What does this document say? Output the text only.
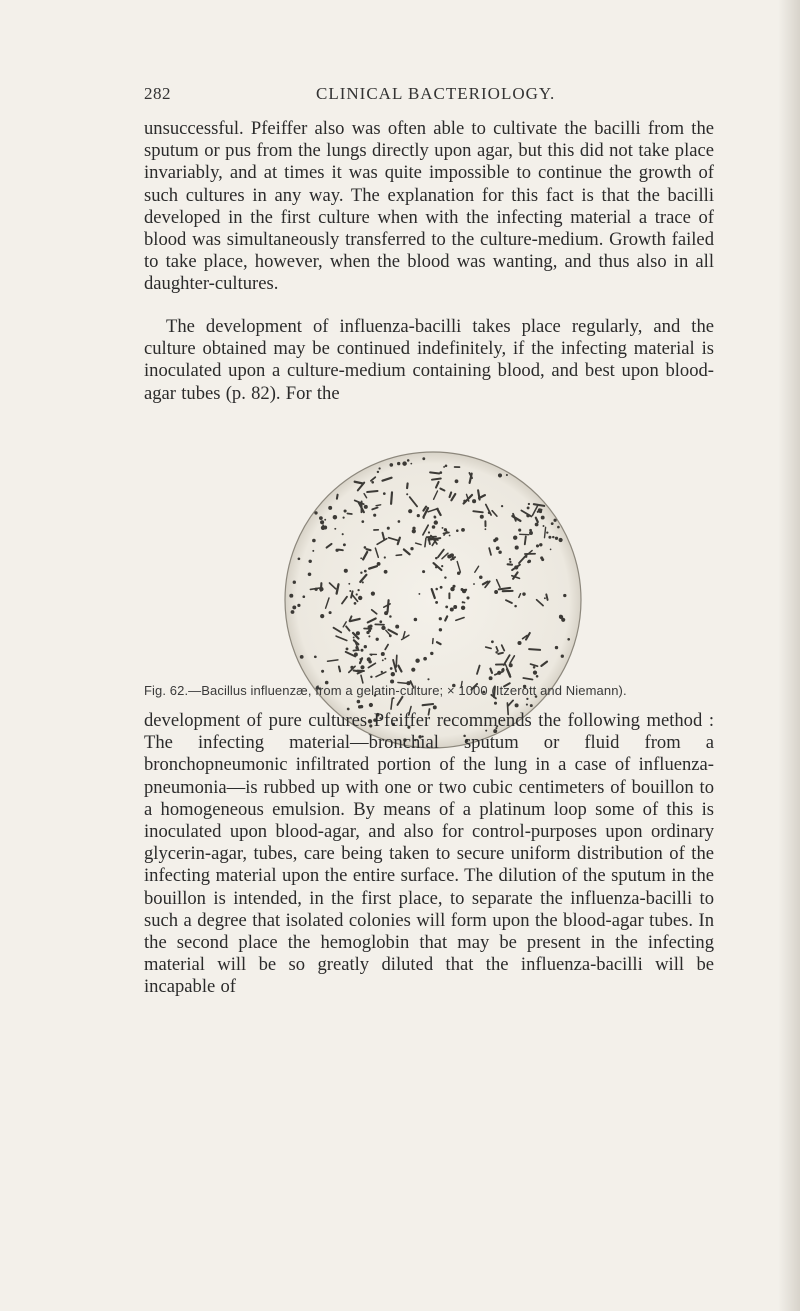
282	CLINICAL BACTERIOLOGY.

unsuccessful. Pfeiffer also was often able to cultivate the bacilli from the sputum or pus from the lungs directly upon agar, but this did not take place invariably, and at times it was quite impossible to continue the growth of such cultures in any way. The explanation for this fact is that the bacilli developed in the first culture when with the infecting material a trace of blood was simultaneously transferred to the culture-medium. Growth failed to take place, however, when the blood was wanting, and thus also in all daughter-cultures.

The development of influenza-bacilli takes place regularly, and the culture obtained may be continued indefinitely, if the infecting material is inoculated upon a culture-medium containing blood, and best upon blood-agar tubes (p. 82). For the

Fig. 62.—Bacillus influenzæ, from a gelatin-culture; × 1000 (Itzerott and Niemann).

development of pure cultures Pfeiffer recommends the following method : The infecting material—bronchial sputum or fluid from a bronchopneumonic infiltrated portion of the lung in a case of influenza-pneumonia—is rubbed up with one or two cubic centimeters of bouillon to a homogeneous emulsion. By means of a platinum loop some of this is inoculated upon blood-agar, and also for control-purposes upon ordinary glycerin-agar, tubes, care being taken to secure uniform distribution of the infecting material upon the entire surface. The dilution of the sputum in the bouillon is intended, in the first place, to separate the influenza-bacilli to such a degree that isolated colonies will form upon the blood-agar tubes. In the second place the hemoglobin that may be present in the infecting material will be so greatly diluted that the influenza-bacilli will be incapable of
